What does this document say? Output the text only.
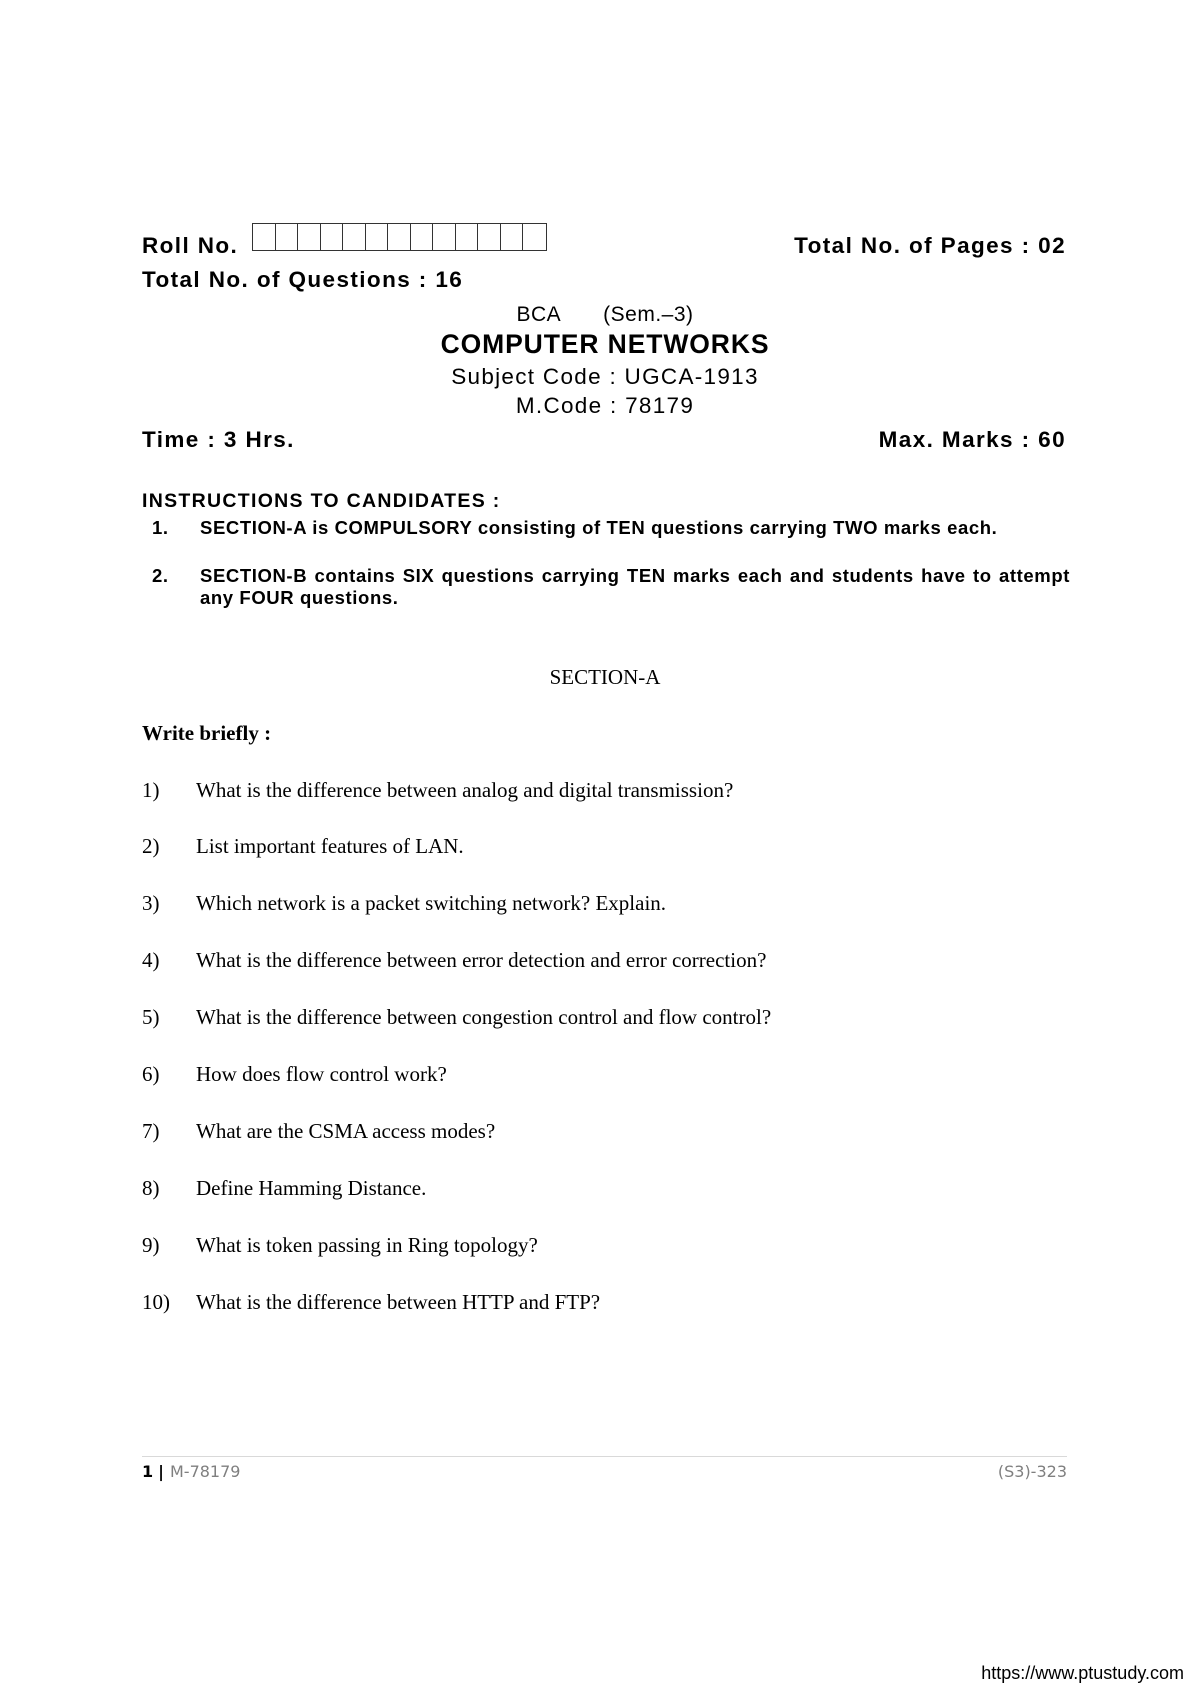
Roll No.	Total No. of Pages : 02
Total No. of Questions : 16
BCA (Sem.–3)
COMPUTER NETWORKS
Subject Code : UGCA-1913
M.Code : 78179
Time : 3 Hrs.	Max. Marks : 60
INSTRUCTIONS TO CANDIDATES :
1. SECTION-A is COMPULSORY consisting of TEN questions carrying TWO marks each.
2. SECTION-B contains SIX questions carrying TEN marks each and students have to attempt any FOUR questions.
SECTION-A
Write briefly :
1) What is the difference between analog and digital transmission?
2) List important features of LAN.
3) Which network is a packet switching network? Explain.
4) What is the difference between error detection and error correction?
5) What is the difference between congestion control and flow control?
6) How does flow control work?
7) What are the CSMA access modes?
8) Define Hamming Distance.
9) What is token passing in Ring topology?
10) What is the difference between HTTP and FTP?
1 | M-78179	(S3)-323
https://www.ptustudy.com
